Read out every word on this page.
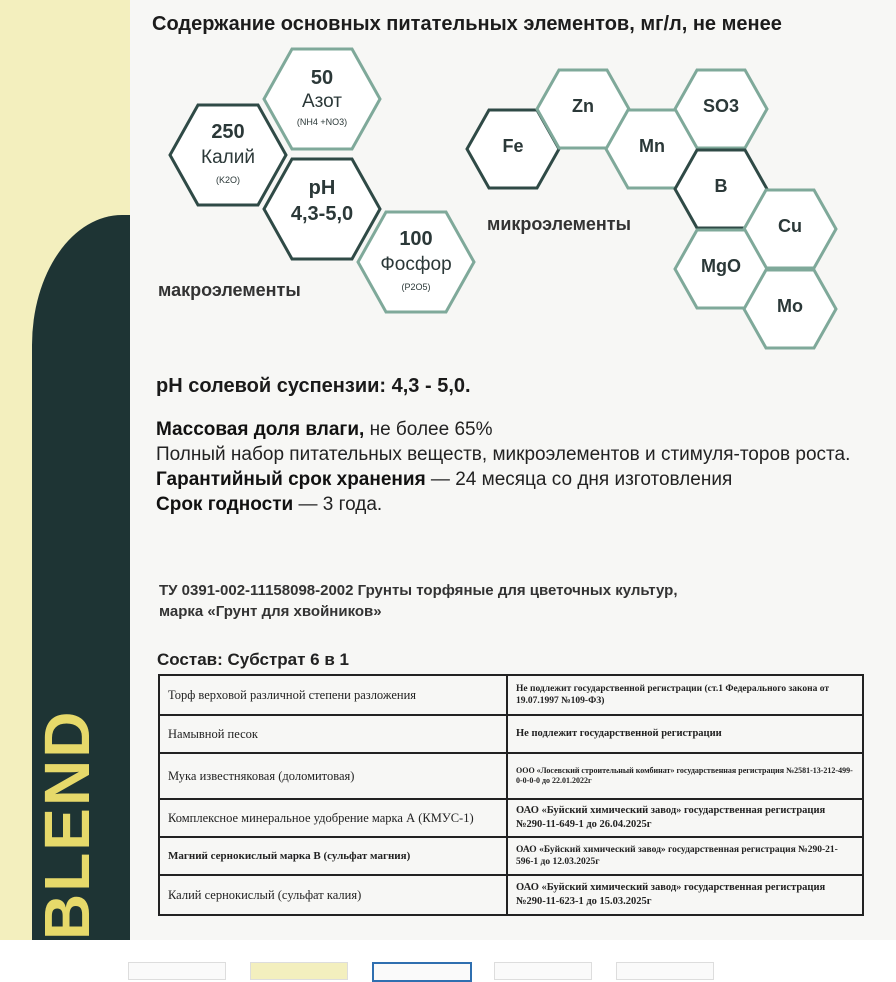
BLEND
Содержание основных питательных элементов, мг/л, не менее
50
Азот
(NH4 +NO3)
250
Калий
(K2O)	pH
4,3-5,0
100
Фосфор
(P2O5)
макроэлементы
Fe
Zn
Mn
SO3
B
Cu
MgO
Mo
микроэлементы
pH солевой суспензии: 4,3 - 5,0.
Массовая доля влаги, не более 65%
Полный набор питательных веществ, микроэлементов и стимуля-торов роста.
Гарантийный срок хранения — 24 месяца со дня изготовления
Срок годности — 3 года.
ТУ 0391-002-11158098-2002 Грунты торфяные для цветочных культур,
марка «Грунт для хвойников»
Состав: Субстрат 6 в 1
Торф верховой различной степени разложения	Не подлежит государственной регистрации (ст.1 Федерального закона от 19.07.1997 №109-ФЗ)
Намывной песок	Не подлежит государственной регистрации
Мука известняковая (доломитовая)	ООО «Лосевский строительный комбинат» государственная регистрация №2581-13-212-499-0-0-0-0 до 22.01.2022г
Комплексное минеральное удобрение марка А (КМУС-1)	ОАО «Буйский химический завод» государственная регистрация №290-11-649-1 до 26.04.2025г
Магний сернокислый марка В (сульфат магния)	ОАО «Буйский химический завод» государственная регистрация №290-21-596-1 до 12.03.2025г
Калий сернокислый (сульфат калия)	ОАО «Буйский химический завод» государственная регистрация №290-11-623-1 до 15.03.2025г
